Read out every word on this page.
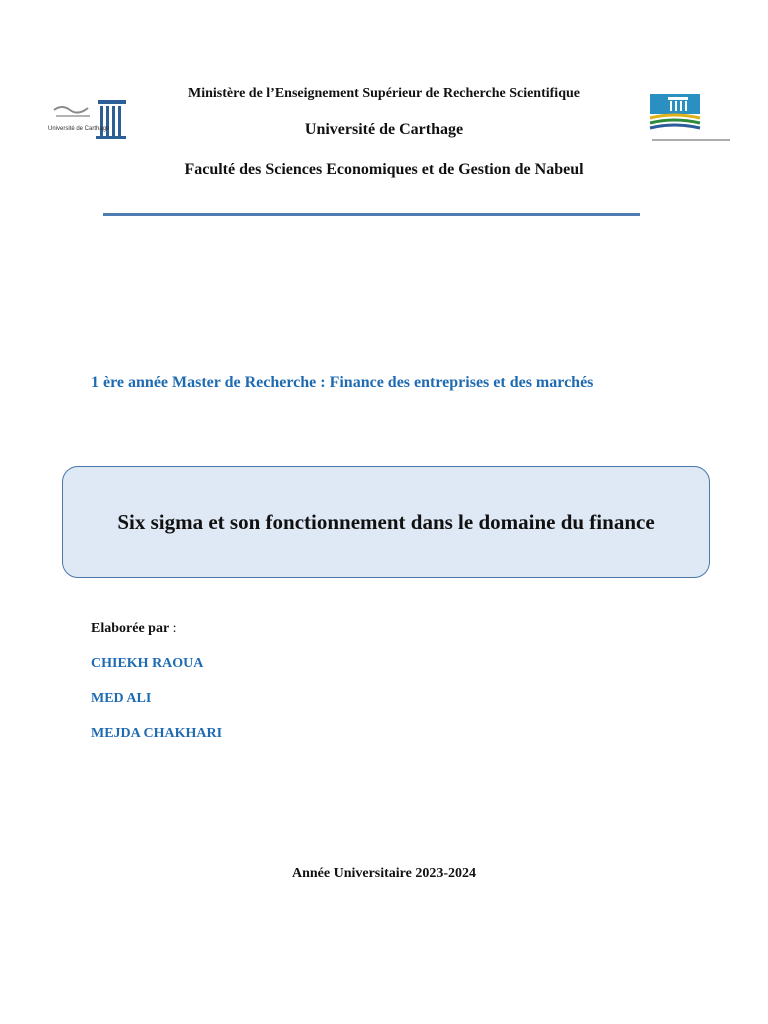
Université de Carthage
Ministère de l’Enseignement Supérieur de Recherche Scientifique
Université de Carthage
Faculté des Sciences Economiques et de Gestion de Nabeul
1 ère année Master de Recherche : Finance des entreprises et des marchés
Six sigma et son fonctionnement dans le domaine du finance
Elaborée par :
CHIEKH RAOUA
MED ALI
MEJDA CHAKHARI
Année Universitaire 2023-2024
